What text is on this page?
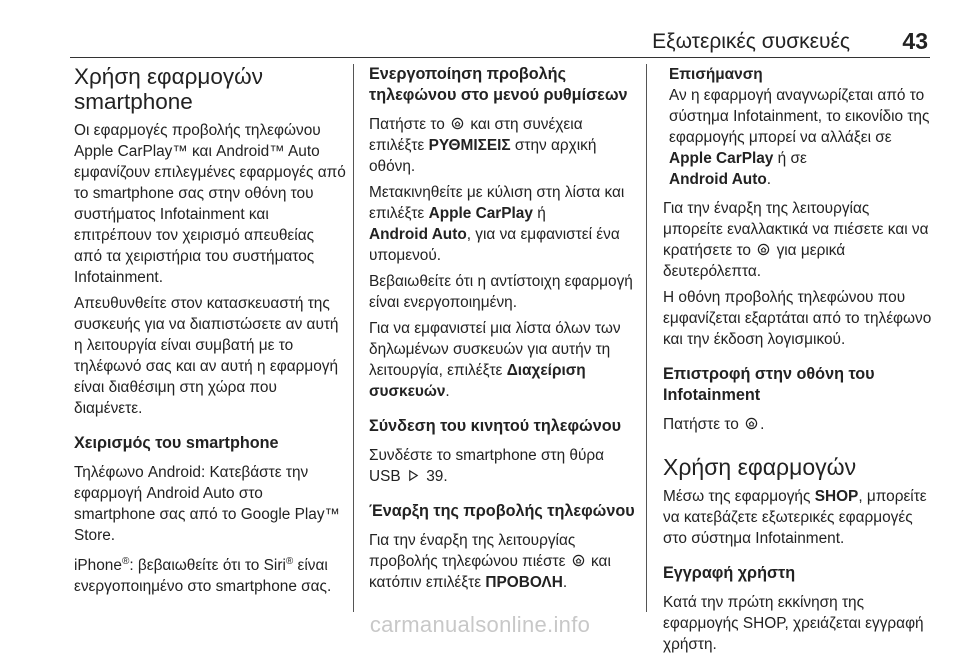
Εξωτερικές συσκευές 43
Χρήση εφαρμογών
smartphone

Οι εφαρμογές προβολής τηλεφώνου Apple CarPlay™ και Android™ Auto εμφανίζουν επιλεγμένες εφαρμογές από το smartphone σας στην οθόνη του συστήματος Infotainment και επιτρέπουν τον χειρισμό απευθείας από τα χειριστήρια του συστήματος Infotainment.

Απευθυνθείτε στον κατασκευαστή της συσκευής για να διαπιστώσετε αν αυτή η λειτουργία είναι συμβατή με το τηλέφωνό σας και αν αυτή η εφαρμογή είναι διαθέσιμη στη χώρα που διαμένετε.

Χειρισμός του smartphone

Τηλέφωνο Android: Κατεβάστε την εφαρμογή Android Auto στο smartphone σας από το Google Play™ Store.

iPhone®: βεβαιωθείτε ότι το Siri® είναι ενεργοποιημένο στο smartphone σας.

Ενεργοποίηση προβολής τηλεφώνου στο μενού ρυθμίσεων

Πατήστε το και στη συνέχεια επιλέξτε ΡΥΘΜΙΣΕΙΣ στην αρχική οθόνη.

Μετακινηθείτε με κύλιση στη λίστα και επιλέξτε Apple CarPlay ή
Android Auto, για να εμφανιστεί ένα υπομενού.

Βεβαιωθείτε ότι η αντίστοιχη εφαρμογή είναι ενεργοποιημένη.

Για να εμφανιστεί μια λίστα όλων των δηλωμένων συσκευών για αυτήν τη λειτουργία, επιλέξτε Διαχείριση συσκευών.

Σύνδεση του κινητού τηλεφώνου

Συνδέστε το smartphone στη θύρα USB 39.

Έναρξη της προβολής τηλεφώνου

Για την έναρξη της λειτουργίας προβολής τηλεφώνου πιέστε και κατόπιν επιλέξτε ΠΡΟΒΟΛΗ.

Επισήμανση
Αν η εφαρμογή αναγνωρίζεται από το σύστημα Infotainment, το εικονίδιο της εφαρμογής μπορεί να αλλάξει σε Apple CarPlay ή σε
Android Auto.

Για την έναρξη της λειτουργίας μπορείτε εναλλακτικά να πιέσετε και να κρατήσετε το για μερικά δευτερόλεπτα.

Η οθόνη προβολής τηλεφώνου που εμφανίζεται εξαρτάται από το τηλέφωνο και την έκδοση λογισμικού.

Επιστροφή στην οθόνη του Infotainment

Πατήστε το .

Χρήση εφαρμογών

Μέσω της εφαρμογής SHOP, μπορείτε να κατεβάζετε εξωτερικές εφαρμογές στο σύστημα Infotainment.

Εγγραφή χρήστη

Κατά την πρώτη εκκίνηση της εφαρμογής SHOP, χρειάζεται εγγραφή χρήστη.

carmanualsonline.info
